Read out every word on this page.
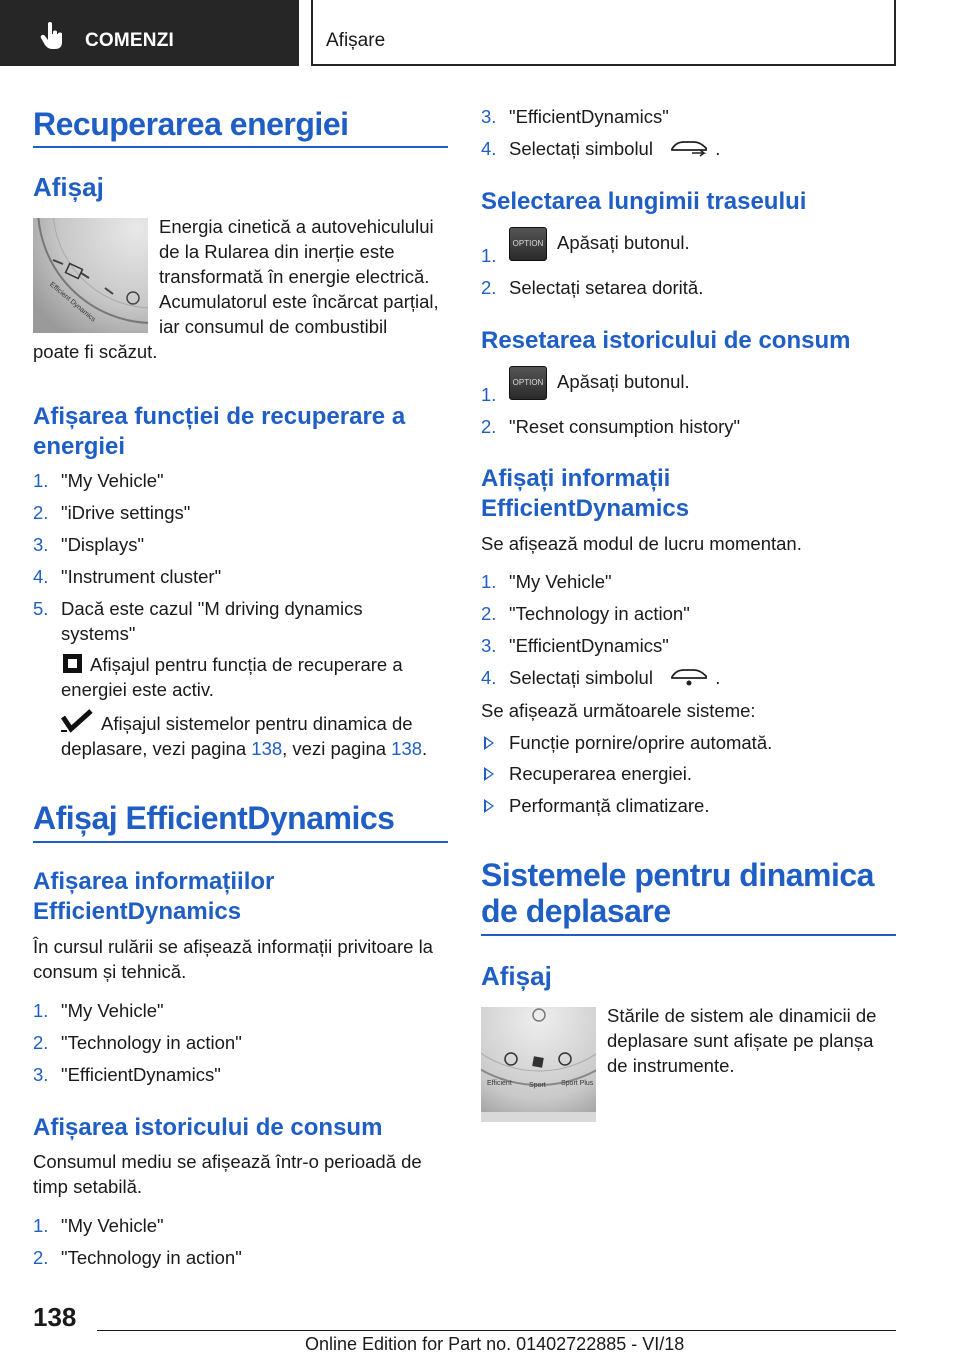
COMENZI	Afișare
Recuperarea energiei
Afișaj
Efficient Dynamics
Energia cinetică a autovehiculului de la Rularea din inerție este transformată în energie electrică. Acumulatorul este încărcat parțial, iar consumul de combustibil
poate fi scăzut.
Afișarea funcției de recuperare a energiei
1. "My Vehicle"
2. "iDrive settings"
3. "Displays"
4. "Instrument cluster"
5. Dacă este cazul "M driving dynamics systems"
Afișajul pentru funcția de recuperare a energiei este activ.
Afișajul sistemelor pentru dinamica de deplasare, vezi pagina 138, vezi pagina 138.
Afișaj EfficientDynamics
Afișarea informațiilor EfficientDynamics
În cursul rulării se afișează informații privitoare la consum și tehnică.
1. "My Vehicle"
2. "Technology in action"
3. "EfficientDynamics"
Afișarea istoricului de consum
Consumul mediu se afișează într-o perioadă de timp setabilă.
1. "My Vehicle"
2. "Technology in action"
3. "EfficientDynamics"
4. Selectați simbolul	.
Selectarea lungimii traseului
1.
OPTION Apăsați butonul.
2. Selectați setarea dorită.
Resetarea istoricului de consum
1.
OPTION Apăsați butonul.
2. "Reset consumption history"
Afișați informații EfficientDynamics
Se afișează modul de lucru momentan.
1. "My Vehicle"
2. "Technology in action"
3. "EfficientDynamics"
4. Selectați simbolul	.
Se afișează următoarele sisteme:
Funcție pornire/oprire automată.
Recuperarea energiei.
Performanță climatizare.
Sistemele pentru dinamica de deplasare
Afișaj
Efficient Sport Sport Plus
Stările de sistem ale dinamicii de deplasare sunt afișate pe planșa de instrumente.
138
Online Edition for Part no. 01402722885 - VI/18
